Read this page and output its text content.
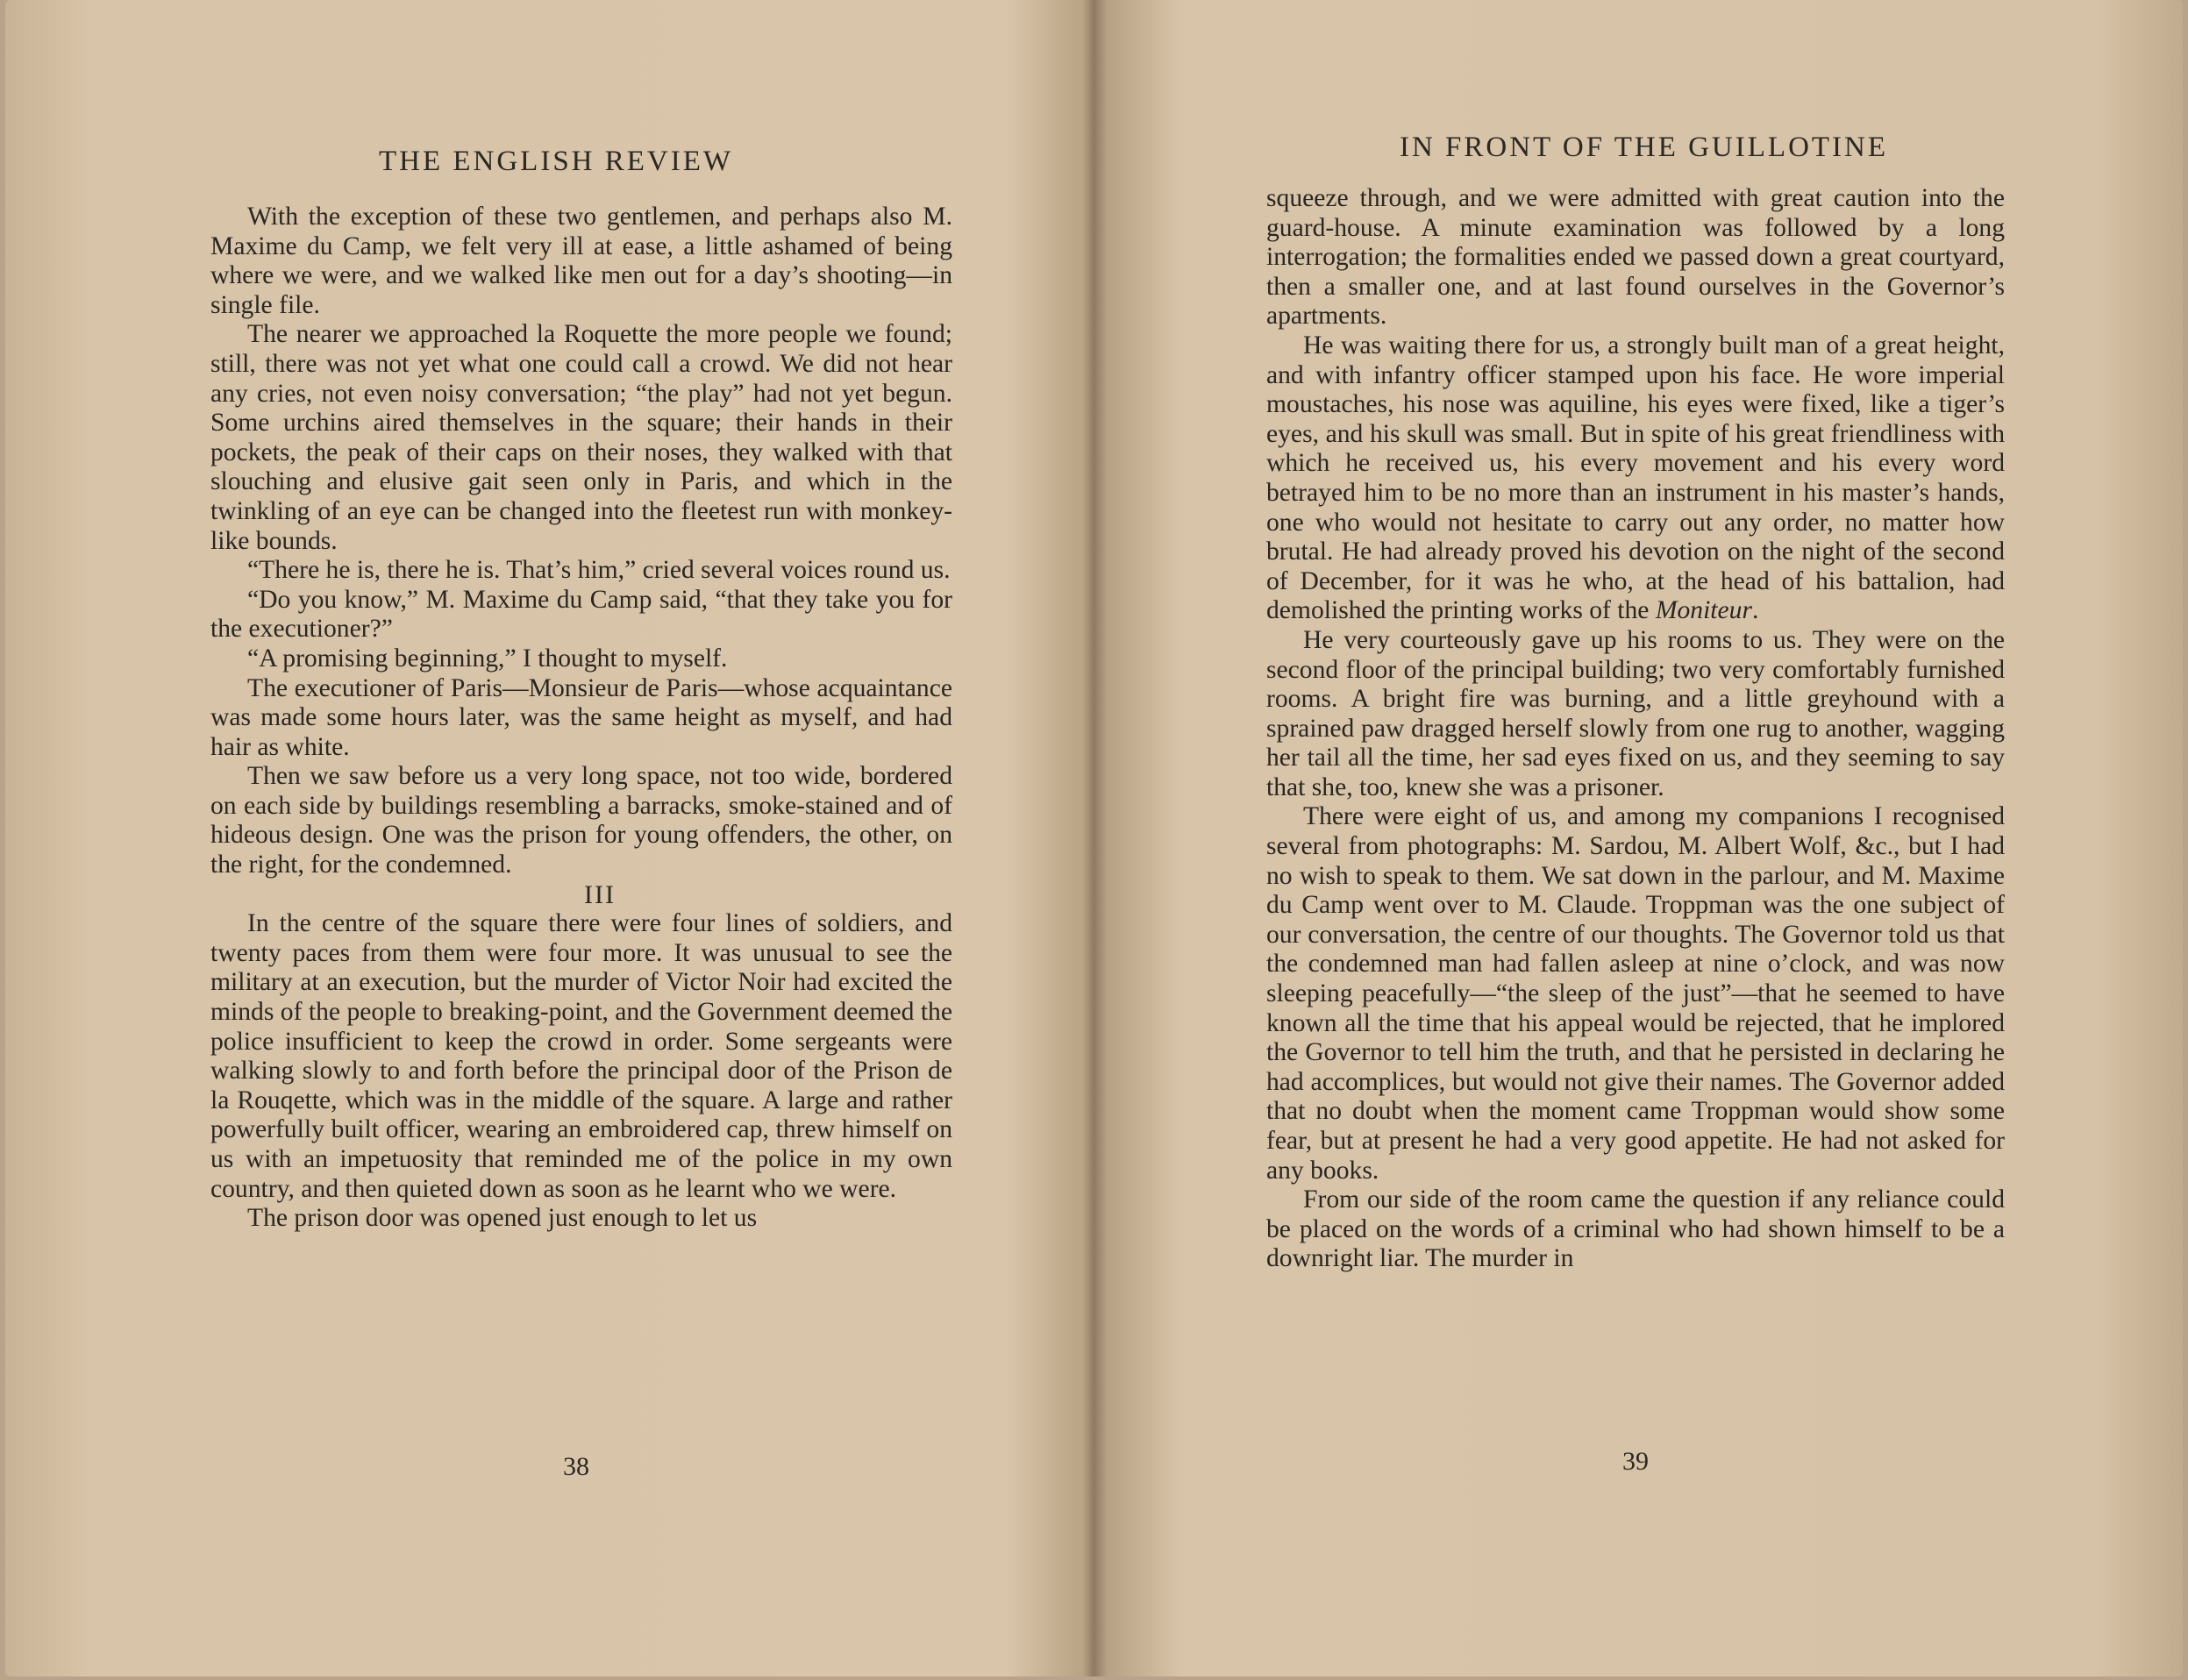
THE ENGLISH REVIEW

With the exception of these two gentlemen, and perhaps also M. Maxime du Camp, we felt very ill at ease, a little ashamed of being where we were, and we walked like men out for a day’s shooting—in single file.

The nearer we approached la Roquette the more people we found; still, there was not yet what one could call a crowd. We did not hear any cries, not even noisy conversation; “the play” had not yet begun. Some urchins aired themselves in the square; their hands in their pockets, the peak of their caps on their noses, they walked with that slouching and elusive gait seen only in Paris, and which in the twinkling of an eye can be changed into the fleetest run with monkey-like bounds.

“There he is, there he is. That’s him,” cried several voices round us.

“Do you know,” M. Maxime du Camp said, “that they take you for the executioner?”

“A promising beginning,” I thought to myself.

The executioner of Paris—Monsieur de Paris—whose acquaintance was made some hours later, was the same height as myself, and had hair as white.

Then we saw before us a very long space, not too wide, bordered on each side by buildings resembling a barracks, smoke-stained and of hideous design. One was the prison for young offenders, the other, on the right, for the condemned.

III

In the centre of the square there were four lines of soldiers, and twenty paces from them were four more. It was unusual to see the military at an execution, but the murder of Victor Noir had excited the minds of the people to breaking-point, and the Government deemed the police insufficient to keep the crowd in order. Some sergeants were walking slowly to and forth before the principal door of the Prison de la Rouqette, which was in the middle of the square. A large and rather powerfully built officer, wearing an embroidered cap, threw himself on us with an impetuosity that reminded me of the police in my own country, and then quieted down as soon as he learnt who we were.

The prison door was opened just enough to let us

38
IN FRONT OF THE GUILLOTINE

squeeze through, and we were admitted with great caution into the guard-house. A minute examination was followed by a long interrogation; the formalities ended we passed down a great courtyard, then a smaller one, and at last found ourselves in the Governor’s apartments.

He was waiting there for us, a strongly built man of a great height, and with infantry officer stamped upon his face. He wore imperial moustaches, his nose was aquiline, his eyes were fixed, like a tiger’s eyes, and his skull was small. But in spite of his great friendliness with which he received us, his every movement and his every word betrayed him to be no more than an instrument in his master’s hands, one who would not hesitate to carry out any order, no matter how brutal. He had already proved his devotion on the night of the second of December, for it was he who, at the head of his battalion, had demolished the printing works of the Moniteur.

He very courteously gave up his rooms to us. They were on the second floor of the principal building; two very comfortably furnished rooms. A bright fire was burning, and a little greyhound with a sprained paw dragged herself slowly from one rug to another, wagging her tail all the time, her sad eyes fixed on us, and they seeming to say that she, too, knew she was a prisoner.

There were eight of us, and among my companions I recognised several from photographs: M. Sardou, M. Albert Wolf, &c., but I had no wish to speak to them. We sat down in the parlour, and M. Maxime du Camp went over to M. Claude. Troppman was the one subject of our conversation, the centre of our thoughts. The Governor told us that the condemned man had fallen asleep at nine o’clock, and was now sleeping peacefully—“the sleep of the just”—that he seemed to have known all the time that his appeal would be rejected, that he implored the Governor to tell him the truth, and that he persisted in declaring he had accomplices, but would not give their names. The Governor added that no doubt when the moment came Troppman would show some fear, but at present he had a very good appetite. He had not asked for any books.

From our side of the room came the question if any reliance could be placed on the words of a criminal who had shown himself to be a downright liar. The murder in

39
